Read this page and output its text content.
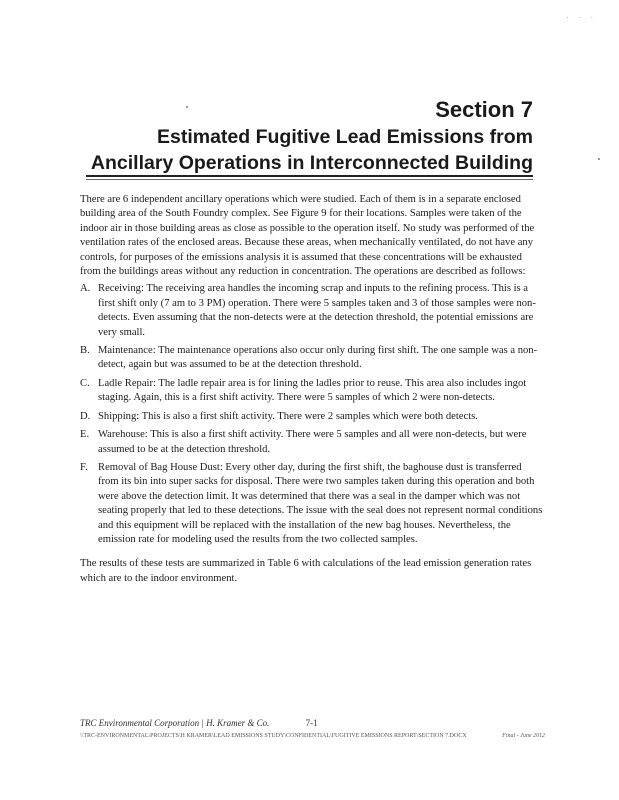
· · ·
Section 7
Estimated Fugitive Lead Emissions from
Ancillary Operations in Interconnected Building

There are 6 independent ancillary operations which were studied. Each of them is in a separate enclosed building area of the South Foundry complex. See Figure 9 for their locations. Samples were taken of the indoor air in those building areas as close as possible to the operation itself. No study was performed of the ventilation rates of the enclosed areas. Because these areas, when mechanically ventilated, do not have any controls, for purposes of the emissions analysis it is assumed that these concentrations will be exhausted from the buildings areas without any reduction in concentration. The operations are described as follows:

A. Receiving: The receiving area handles the incoming scrap and inputs to the refining process. This is a first shift only (7 am to 3 PM) operation. There were 5 samples taken and 3 of those samples were non-detects. Even assuming that the non-detects were at the detection threshold, the potential emissions are very small.
B. Maintenance: The maintenance operations also occur only during first shift. The one sample was a non-detect, again but was assumed to be at the detection threshold.
C. Ladle Repair: The ladle repair area is for lining the ladles prior to reuse. This area also includes ingot staging. Again, this is a first shift activity. There were 5 samples of which 2 were non-detects.
D. Shipping: This is also a first shift activity. There were 2 samples which were both detects.
E. Warehouse: This is also a first shift activity. There were 5 samples and all were non-detects, but were assumed to be at the detection threshold.
F. Removal of Bag House Dust: Every other day, during the first shift, the baghouse dust is transferred from its bin into super sacks for disposal. There were two samples taken during this operation and both were above the detection limit. It was determined that there was a seal in the damper which was not seating properly that led to these detections. The issue with the seal does not represent normal conditions and this equipment will be replaced with the installation of the new bag houses. Nevertheless, the emission rate for modeling used the results from the two collected samples.

The results of these tests are summarized in Table 6 with calculations of the lead emission generation rates which are to the indoor environment.

TRC Environmental Corporation | H. Kramer & Co.	7-1
Final - June 2012
\\TRC-ENVIRONMENTAL\PROJECTS\H KRAMER\LEAD EMISSIONS STUDY\CONFIDENTIAL\FUGITIVE EMISSIONS REPORT\SECTION 7.DOCX
